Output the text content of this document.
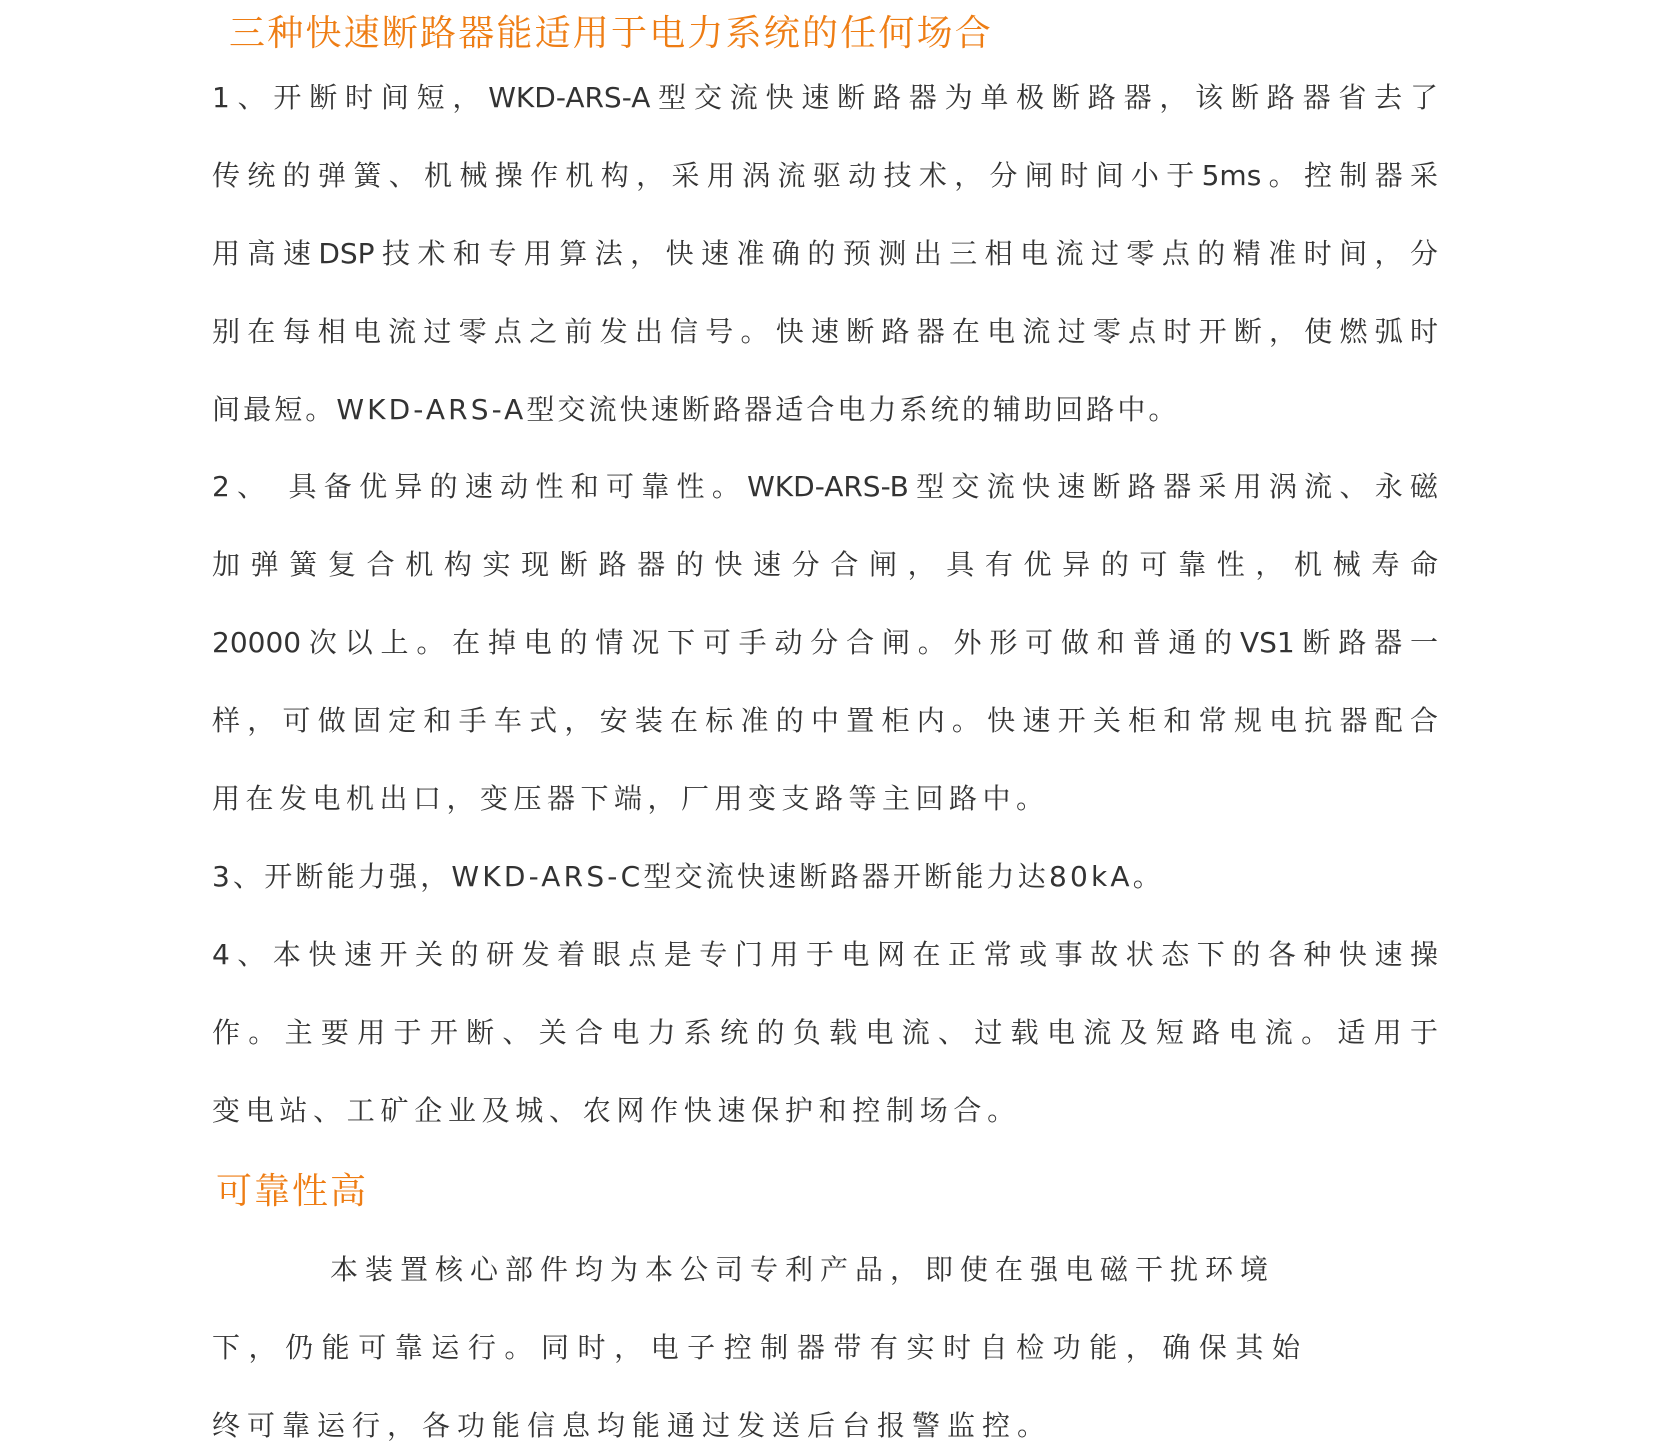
三种快速断路器能适用于电力系统的任何场合

1、开断时间短，WKD-ARS-A型交流快速断路器为单极断路器，该断路器省去了

传统的弹簧、机械操作机构，采用涡流驱动技术，分闸时间小于5ms。控制器采

用高速DSP技术和专用算法，快速准确的预测出三相电流过零点的精准时间，分

别在每相电流过零点之前发出信号。快速断路器在电流过零点时开断，使燃弧时

间最短。WKD-ARS-A型交流快速断路器适合电力系统的辅助回路中。

2、 具备优异的速动性和可靠性。WKD-ARS-B型交流快速断路器采用涡流、永磁

加弹簧复合机构实现断路器的快速分合闸，具有优异的可靠性，机械寿命

20000次以上。在掉电的情况下可手动分合闸。外形可做和普通的VS1断路器一

样，可做固定和手车式，安装在标准的中置柜内。快速开关柜和常规电抗器配合

用在发电机出口，变压器下端，厂用变支路等主回路中。

3、开断能力强，WKD-ARS-C型交流快速断路器开断能力达80kA。

4、本快速开关的研发着眼点是专门用于电网在正常或事故状态下的各种快速操

作。主要用于开断、关合电力系统的负载电流、过载电流及短路电流。适用于

变电站、工矿企业及城、农网作快速保护和控制场合。

可靠性高

本装置核心部件均为本公司专利产品，即使在强电磁干扰环境

下，仍能可靠运行。同时，电子控制器带有实时自检功能，确保其始

终可靠运行，各功能信息均能通过发送后台报警监控。
